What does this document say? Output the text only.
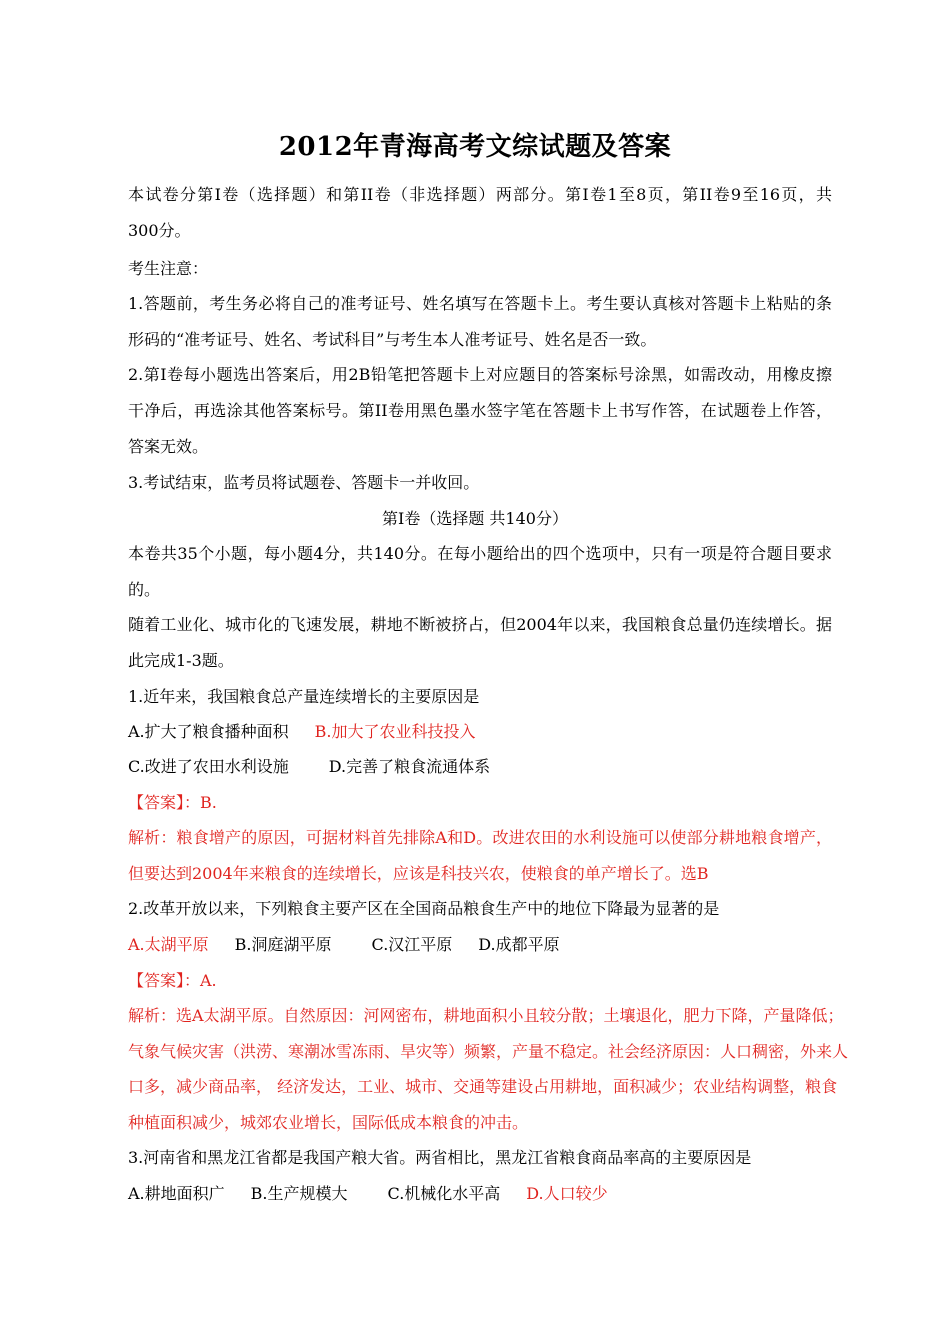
2012年青海高考文综试题及答案
本试卷分第Ⅰ卷（选择题）和第II卷（非选择题）两部分。第Ⅰ卷1至8页，第II卷9至16页，共
300分。
考生注意：
1.答题前，考生务必将自己的准考证号、姓名填写在答题卡上。考生要认真核对答题卡上粘贴的条
形码的“准考证号、姓名、考试科目”与考生本人准考证号、姓名是否一致。
2.第Ⅰ卷每小题选出答案后，用2B铅笔把答题卡上对应题目的答案标号涂黑，如需改动，用橡皮擦
干净后，再选涂其他答案标号。第II卷用黑色墨水签字笔在答题卡上书写作答，在试题卷上作答，
答案无效。
3.考试结束，监考员将试题卷、答题卡一并收回。
第Ⅰ卷（选择题 共140分）
本卷共35个小题，每小题4分，共140分。在每小题给出的四个选项中，只有一项是符合题目要求
的。
随着工业化、城市化的飞速发展，耕地不断被挤占，但2004年以来，我国粮食总量仍连续增长。据
此完成1-3题。
1.近年来，我国粮食总产量连续增长的主要原因是
A.扩大了粮食播种面积 B.加大了农业科技投入
C.改进了农田水利设施	D.完善了粮食流通体系
【答案】：B.
解析：粮食增产的原因，可据材料首先排除A和D。改进农田的水利设施可以使部分耕地粮食增产，
但要达到2004年来粮食的连续增长，应该是科技兴农，使粮食的单产增长了。选B
2.改革开放以来，下列粮食主要产区在全国商品粮食生产中的地位下降最为显著的是
A.太湖平原 B.洞庭湖平原	C.汉江平原 D.成都平原
【答案】：A.
解析：选A太湖平原。自然原因：河网密布，耕地面积小且较分散；土壤退化，肥力下降，产量降低；
气象气候灾害（洪涝、寒潮冰雪冻雨、旱灾等）频繁，产量不稳定。社会经济原因：人口稠密，外来人
口多，减少商品率， 经济发达，工业、城市、交通等建设占用耕地，面积减少；农业结构调整，粮食
种植面积减少，城郊农业增长，国际低成本粮食的冲击。
3.河南省和黑龙江省都是我国产粮大省。两省相比，黑龙江省粮食商品率高的主要原因是
A.耕地面积广 B.生产规模大	C.机械化水平高 D.人口较少
